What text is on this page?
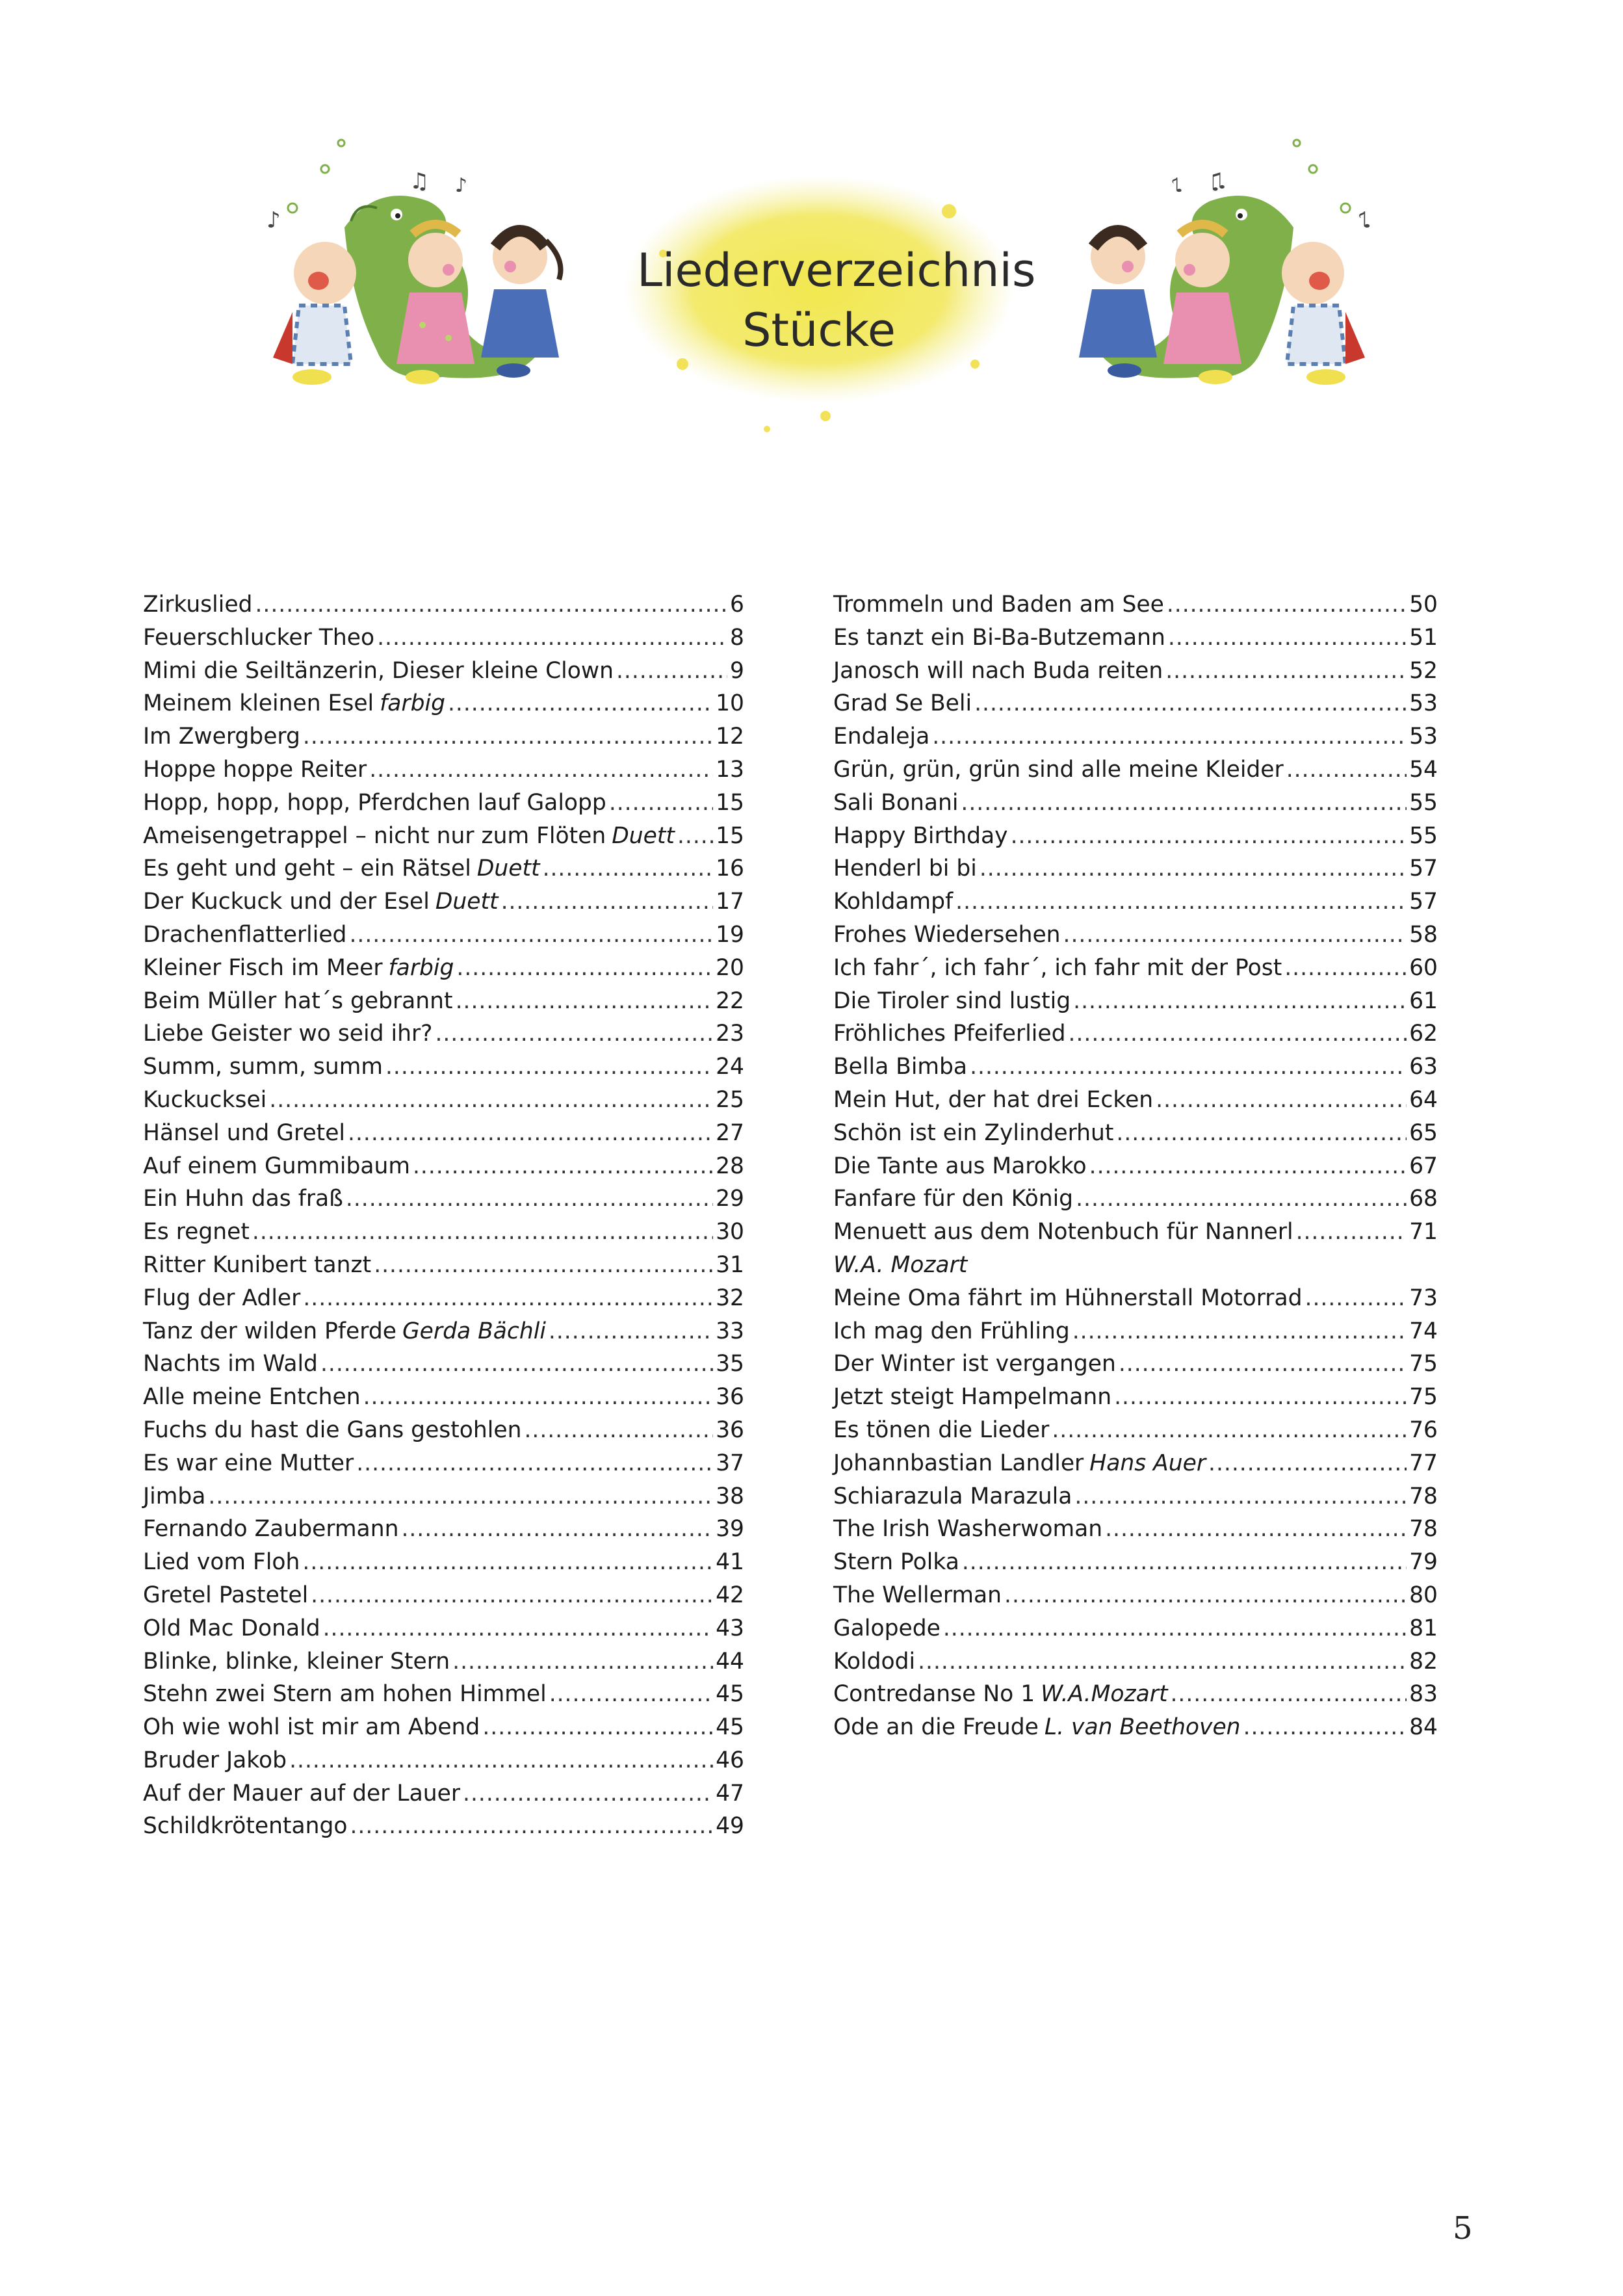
♪
♫ ♪
Liederverzeichnis
Stücke
♪
♫
♪
Zirkuslied . . .	6
Feuerschlucker Theo . . .	8
Mimi die Seiltänzerin, Dieser kleine Clown . . .	9
Meinem kleinen Esel farbig . . .	10
Im Zwergberg . . .	12
Hoppe hoppe Reiter . . .	13
Hopp, hopp, hopp, Pferdchen lauf Galopp . . .	15
Ameisengetrappel – nicht nur zum Flöten Duett . . . 15
Es geht und geht – ein Rätsel Duett . . .	16
Der Kuckuck und der Esel Duett . . .	17
Drachenflatterlied . . .	19
Kleiner Fisch im Meer farbig . . .	20
Beim Müller hat´s gebrannt . . .	22
Liebe Geister wo seid ihr? . . .	23
Summ, summ, summ . . .	24
Kuckucksei . . .	25
Hänsel und Gretel . . .	27
Auf einem Gummibaum . . .	28
Ein Huhn das fraß . . .	29
Es regnet . . .	30
Ritter Kunibert tanzt . . .	31
Flug der Adler . . .	32
Tanz der wilden Pferde Gerda Bächli . . .	33
Nachts im Wald . . .	35
Alle meine Entchen . . .	36
Fuchs du hast die Gans gestohlen . . .	36
Es war eine Mutter . . .	37
Jimba . . .	38
Fernando Zaubermann . . .	39
Lied vom Floh . . .	41
Gretel Pastetel . . .	42
Old Mac Donald . . .	43
Blinke, blinke, kleiner Stern . . .	44
Stehn zwei Stern am hohen Himmel . . .	45
Oh wie wohl ist mir am Abend . . .	45
Bruder Jakob . . .	46
Auf der Mauer auf der Lauer . . .	47
Schildkrötentango . . .	49
Trommeln und Baden am See . . .	50
Es tanzt ein Bi-Ba-Butzemann . . .	51
Janosch will nach Buda reiten . . .	52
Grad Se Beli . . .	53
Endaleja . . .	53
Grün, grün, grün sind alle meine Kleider . . .	54
Sali Bonani . . .	55
Happy Birthday . . .	55
Henderl bi bi . . .	57
Kohldampf . . .	57
Frohes Wiedersehen . . .	58
Ich fahr´, ich fahr´, ich fahr mit der Post . . .	60
Die Tiroler sind lustig . . .	61
Fröhliches Pfeiferlied . . .	62
Bella Bimba . . .	63
Mein Hut, der hat drei Ecken . . .	64
Schön ist ein Zylinderhut . . .	65
Die Tante aus Marokko . . .	67
Fanfare für den König . . .	68
Menuett aus dem Notenbuch für Nannerl . . .	71
W.A. Mozart
Meine Oma fährt im Hühnerstall Motorrad . . .	73
Ich mag den Frühling . . .	74
Der Winter ist vergangen . . .	75
Jetzt steigt Hampelmann . . .	75
Es tönen die Lieder . . .	76
Johannbastian Landler Hans Auer . . .	77
Schiarazula Marazula . . .	78
The Irish Washerwoman . . .	78
Stern Polka . . .	79
The Wellerman . . .	80
Galopede . . .	81
Koldodi . . .	82
Contredanse No 1 W.A.Mozart . . .	83
Ode an die Freude L. van Beethoven . . .	84
5
